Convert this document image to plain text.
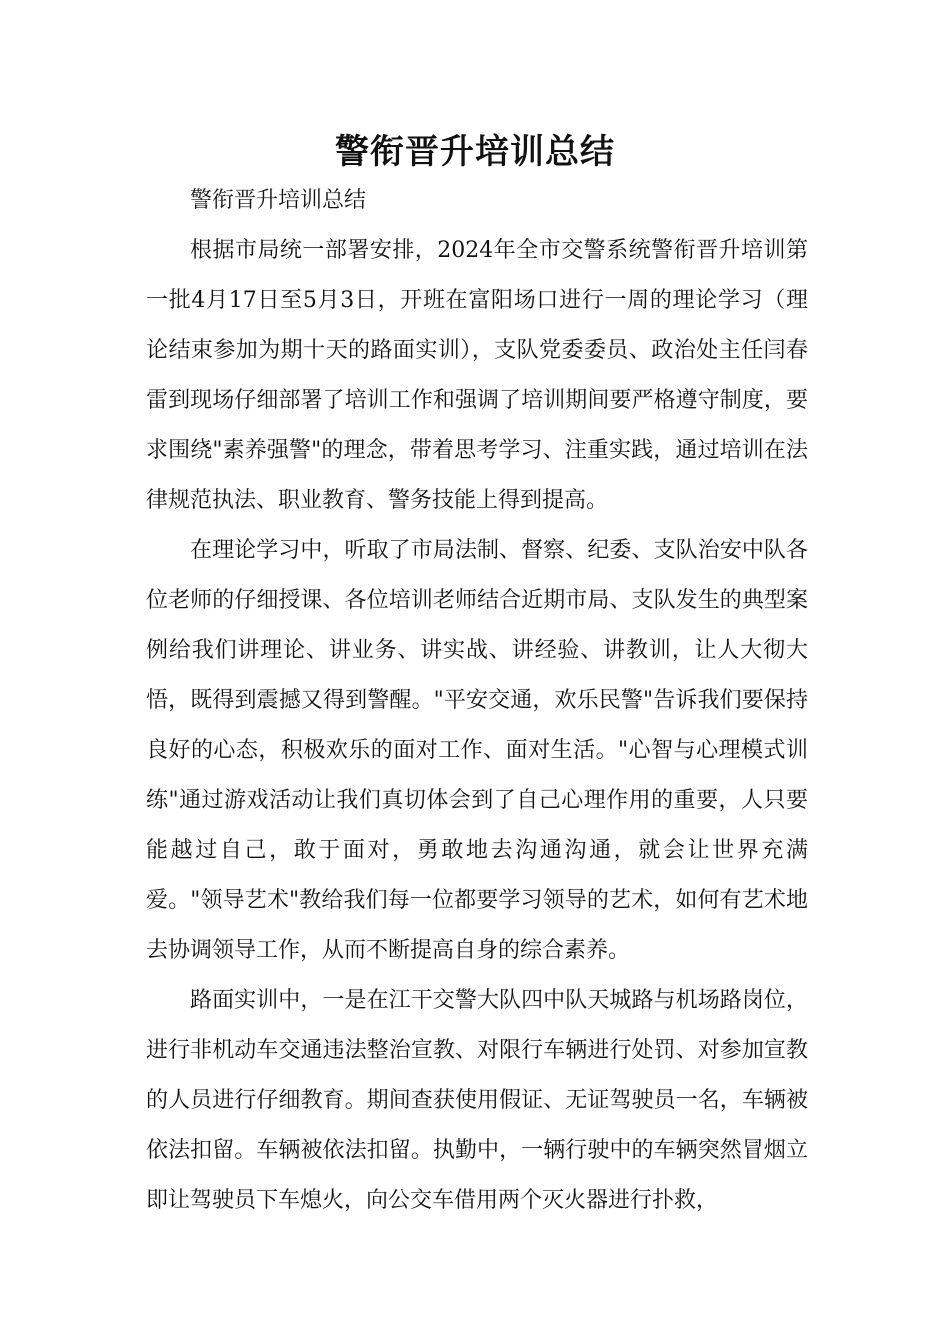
警衔晋升培训总结

警衔晋升培训总结

根据市局统一部署安排，2024年全市交警系统警衔晋升培训第一批4月17日至5月3日，开班在富阳场口进行一周的理论学习（理论结束参加为期十天的路面实训），支队党委委员、政治处主任闫春雷到现场仔细部署了培训工作和强调了培训期间要严格遵守制度，要求围绕"素养强警"的理念，带着思考学习、注重实践，通过培训在法律规范执法、职业教育、警务技能上得到提高。

在理论学习中，听取了市局法制、督察、纪委、支队治安中队各位老师的仔细授课、各位培训老师结合近期市局、支队发生的典型案例给我们讲理论、讲业务、讲实战、讲经验、讲教训，让人大彻大悟，既得到震撼又得到警醒。"平安交通，欢乐民警"告诉我们要保持良好的心态，积极欢乐的面对工作、面对生活。"心智与心理模式训练"通过游戏活动让我们真切体会到了自己心理作用的重要，人只要能越过自己，敢于面对，勇敢地去沟通沟通，就会让世界充满爱。"领导艺术"教给我们每一位都要学习领导的艺术，如何有艺术地去协调领导工作，从而不断提高自身的综合素养。

路面实训中，一是在江干交警大队四中队天城路与机场路岗位，进行非机动车交通违法整治宣教、对限行车辆进行处罚、对参加宣教的人员进行仔细教育。期间查获使用假证、无证驾驶员一名，车辆被依法扣留。车辆被依法扣留。执勤中，一辆行驶中的车辆突然冒烟立即让驾驶员下车熄火，向公交车借用两个灭火器进行扑救，
